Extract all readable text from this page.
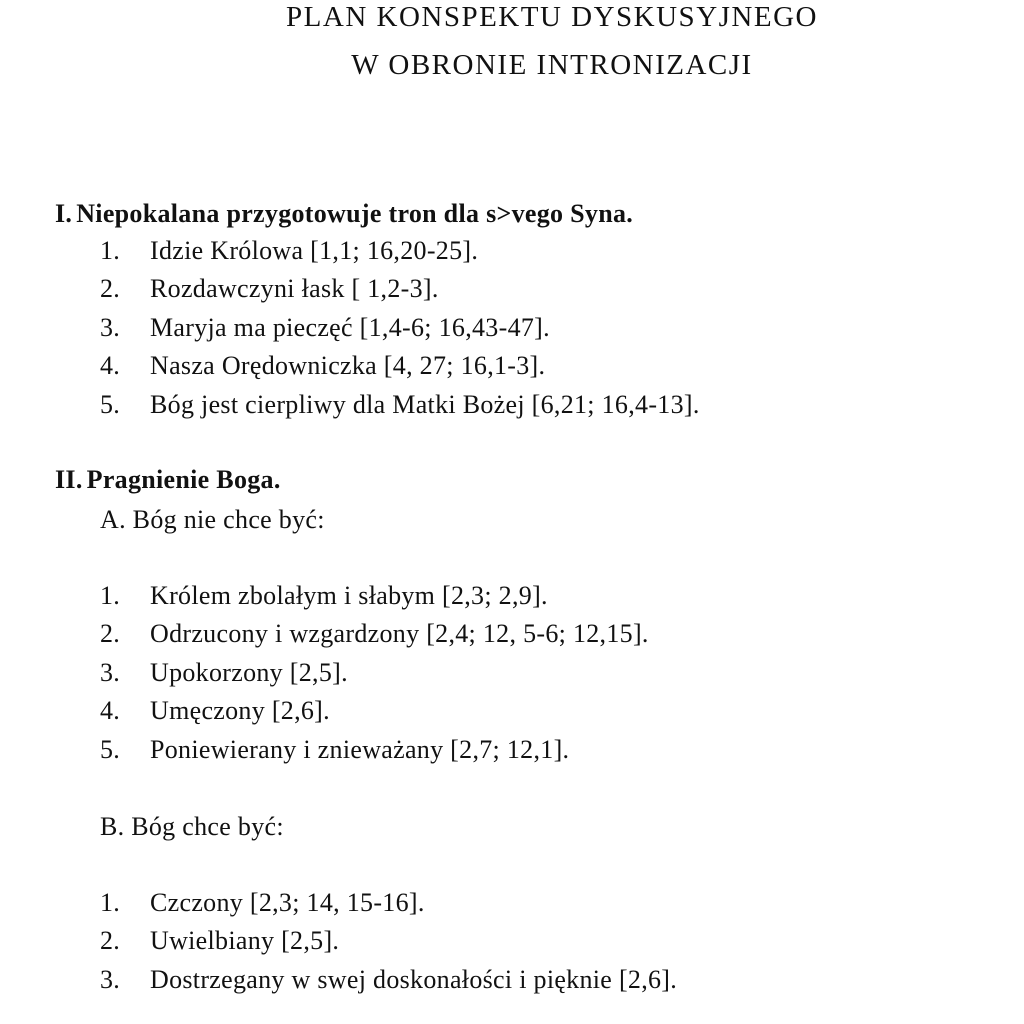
PLAN KONSPEKTU DYSKUSYJNEGO
W OBRONIE INTRONIZACJI
I. Niepokalana przygotowuje tron dla s>vego Syna.
1. Idzie Królowa [1,1; 16,20-25].
2. Rozdawczyni łask [ 1,2-3].
3. Maryja ma pieczęć [1,4-6; 16,43-47].
4. Nasza Orędowniczka [4, 27; 16,1-3].
5. Bóg jest cierpliwy dla Matki Bożej [6,21; 16,4-13].
II. Pragnienie Boga.
A. Bóg nie chce być:
1. Królem zbolałym i słabym [2,3; 2,9].
2. Odrzucony i wzgardzony [2,4; 12, 5-6; 12,15].
3. Upokorzony [2,5].
4. Umęczony [2,6].
5. Poniewierany i znieważany [2,7; 12,1].
B. Bóg chce być:
1. Czczony [2,3; 14, 15-16].
2. Uwielbiany [2,5].
3. Dostrzegany w swej doskonałości i pięknie [2,6].
